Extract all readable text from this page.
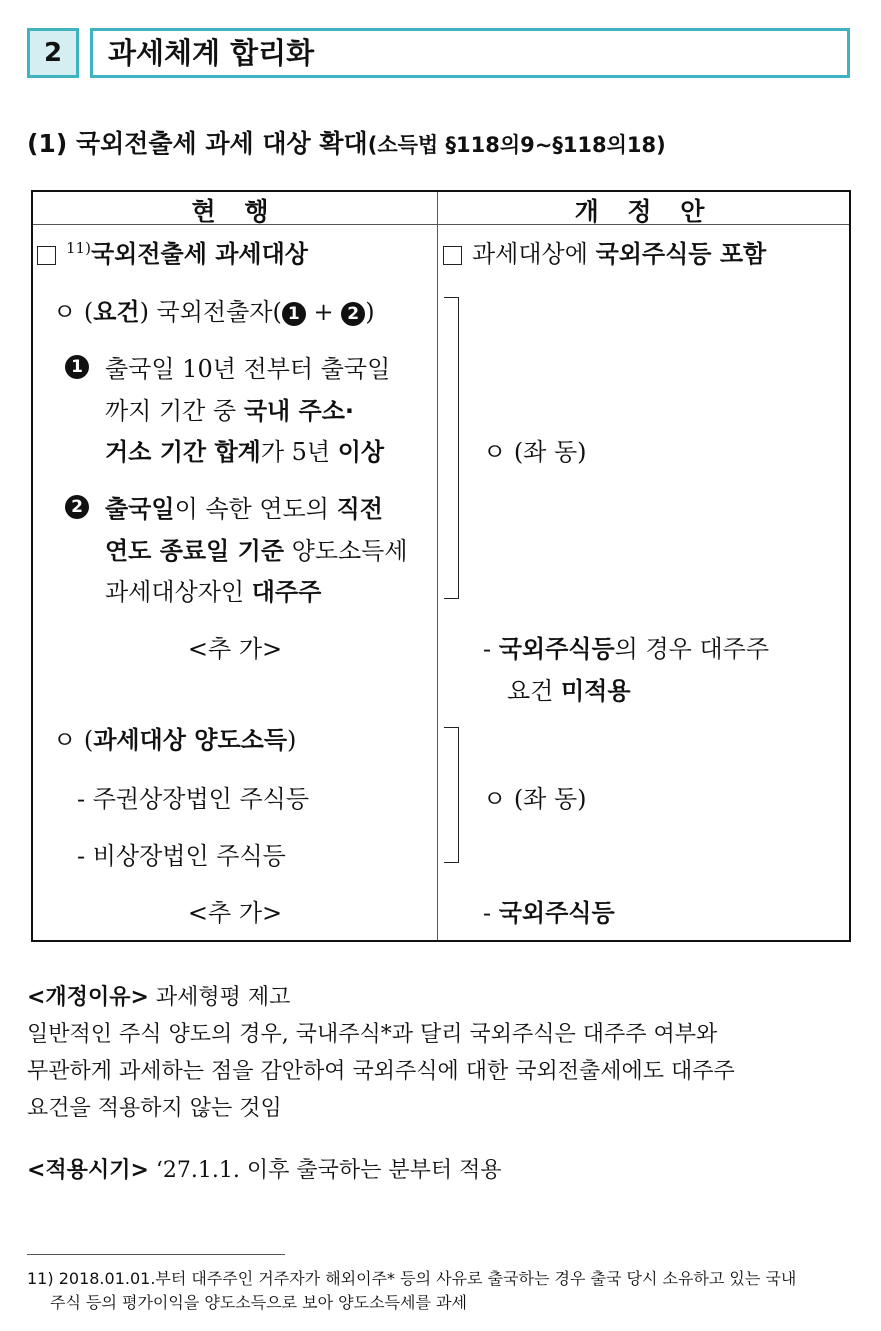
2	과세체계 합리화
(1) 국외전출세 과세 대상 확대(소득법 §118의9∼§118의18)
현 행	개 정 안
$^{11)}$국외전출세 과세대상
ㅇ (요건) 국외전출자( 1 + 2 )
1 출국일 10년 전부터 출국일
까지 기간 중 국내 주소·
거소 기간 합계가 5년 이상
2 출국일이 속한 연도의 직전
연도 종료일 기준 양도소득세
과세대상자인 대주주
<추 가>
ㅇ (과세대상 양도소득)
- 주권상장법인 주식등
- 비상장법인 주식등
<추 가>
과세대상에 국외주식등 포함
ㅇ (좌 동)
- 국외주식등의 경우 대주주
요건 미적용
ㅇ (좌 동)
- 국외주식등
<개정이유> 과세형평 제고
일반적인 주식 양도의 경우, 국내주식*과 달리 국외주식은 대주주 여부와
무관하게 과세하는 점을 감안하여 국외주식에 대한 국외전출세에도 대주주
요건을 적용하지 않는 것임
<적용시기> ‘27.1.1. 이후 출국하는 분부터 적용
11) 2018.01.01.부터 대주주인 거주자가 해외이주* 등의 사유로 출국하는 경우 출국 당시 소유하고 있는 국내
주식 등의 평가이익을 양도소득으로 보아 양도소득세를 과세
